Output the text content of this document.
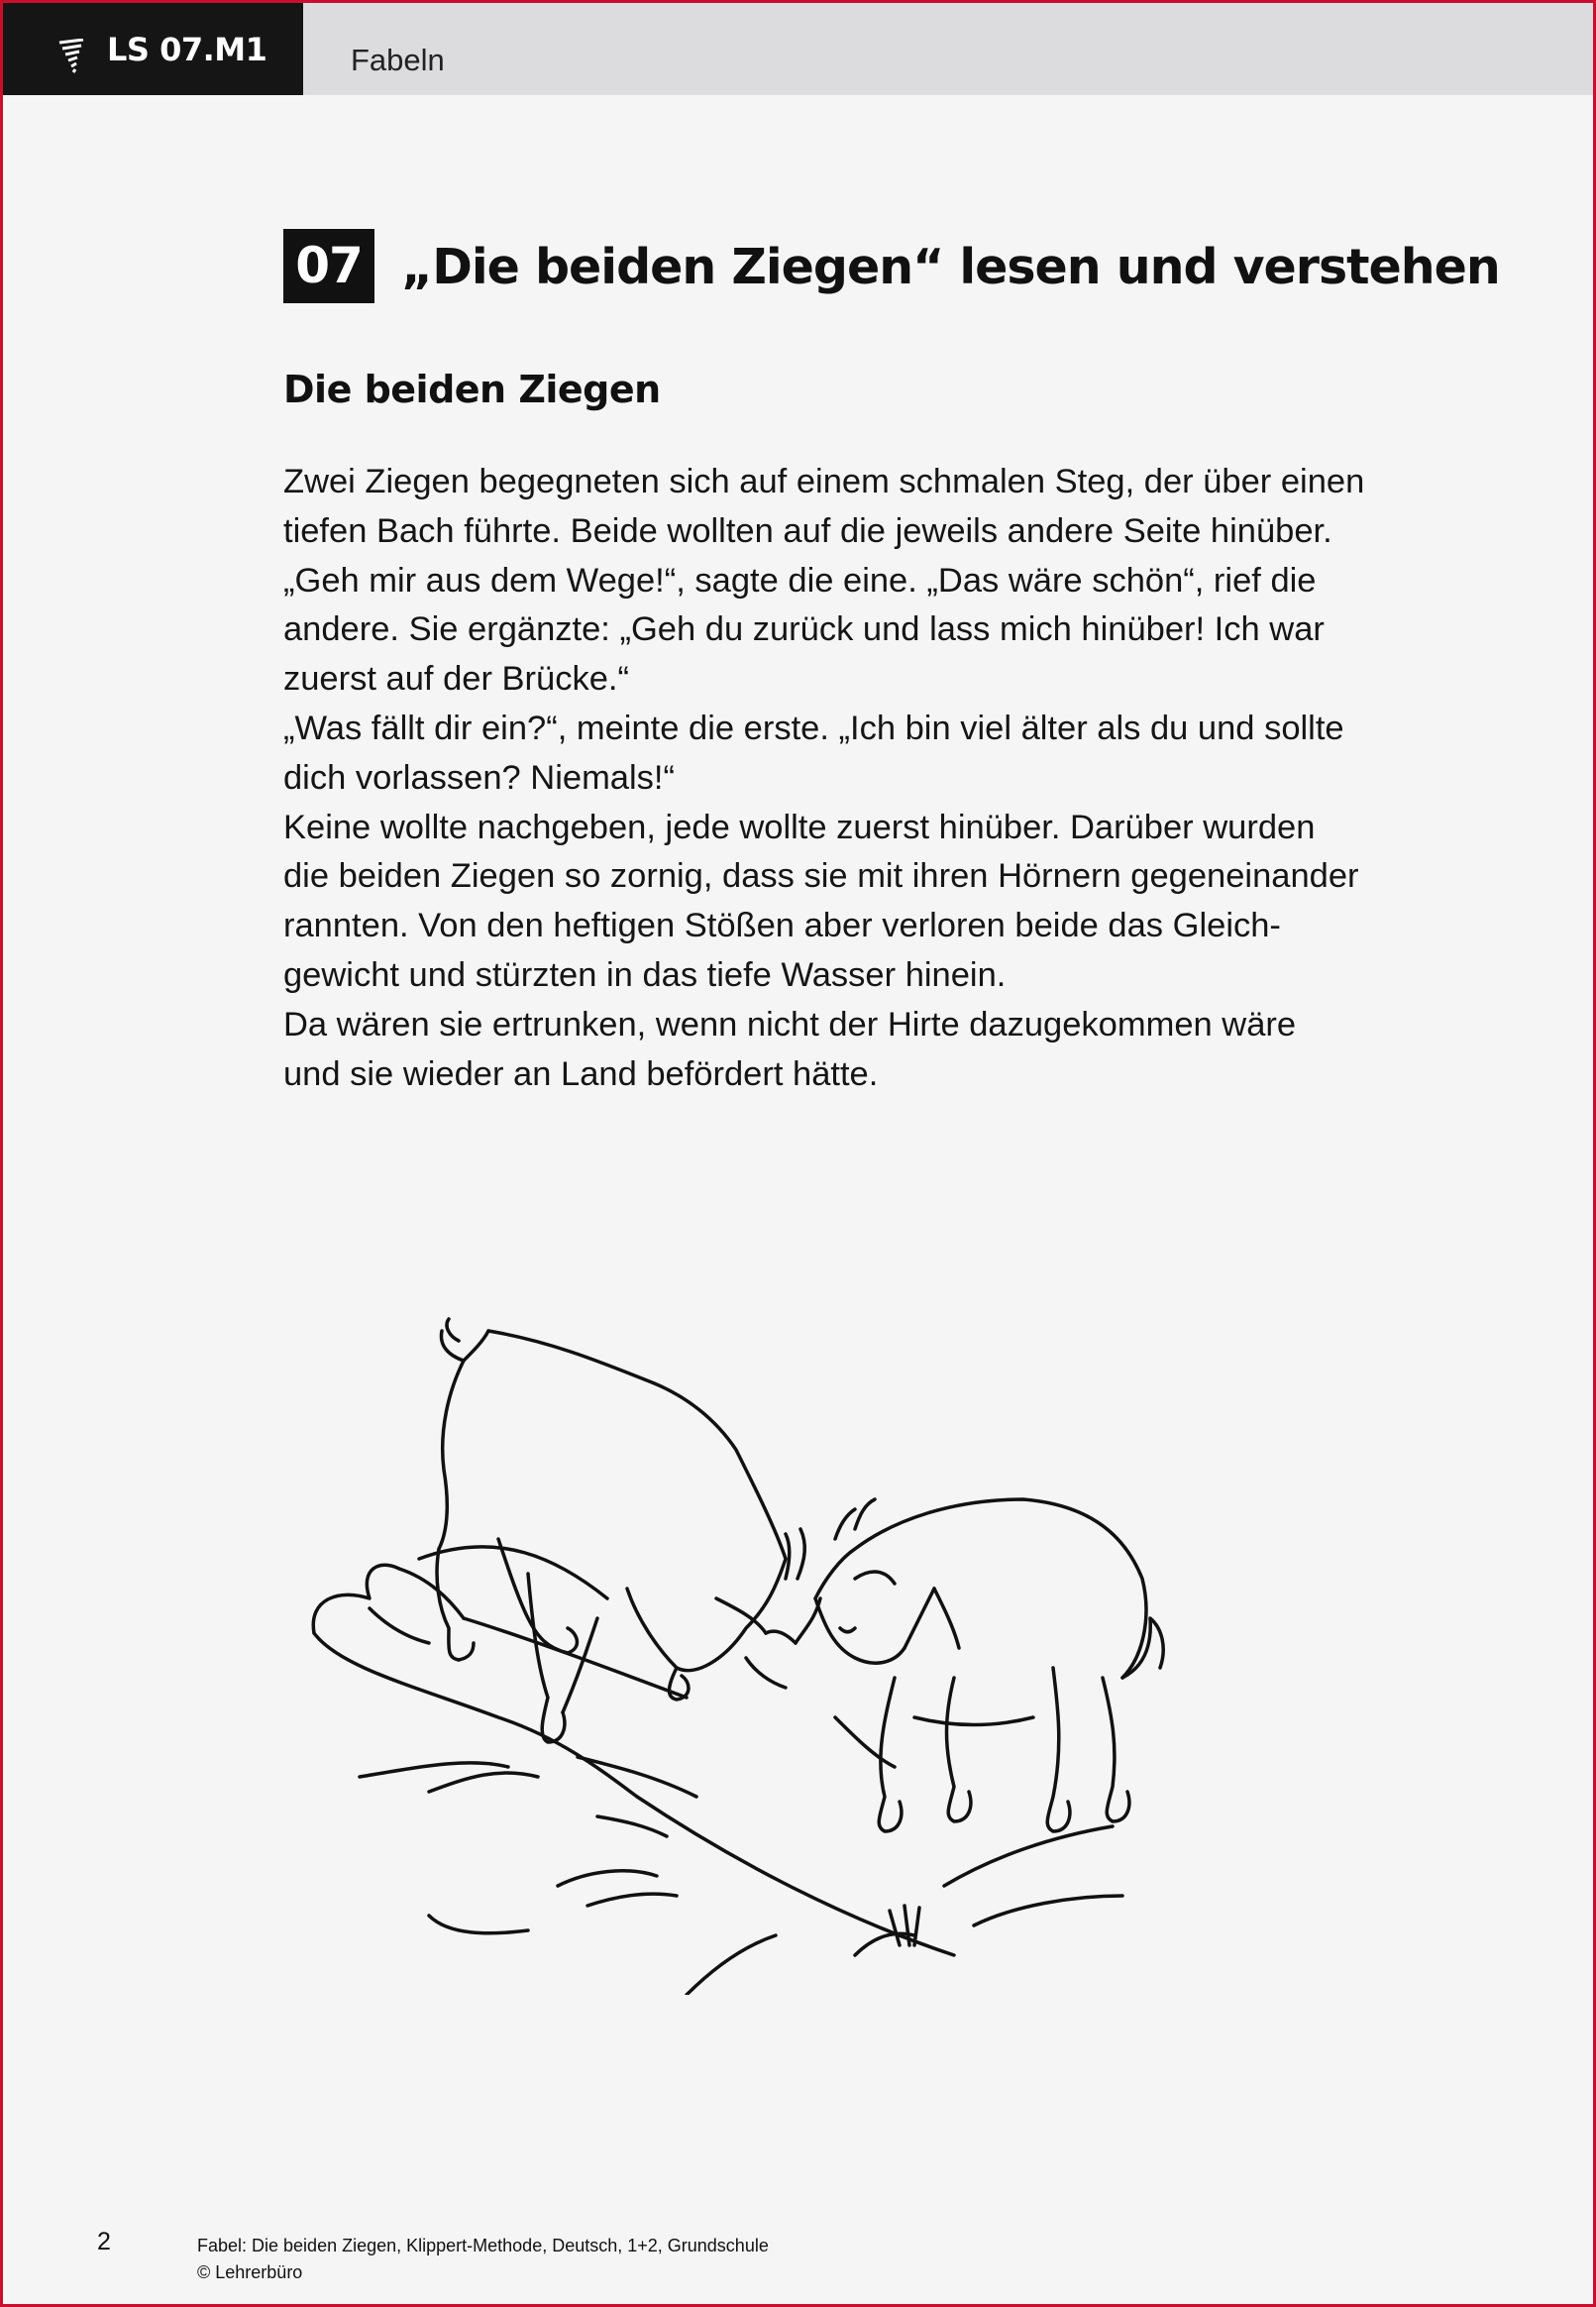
LS 07.M1	Fabeln
07 „Die beiden Ziegen“ lesen und verstehen
Die beiden Ziegen
Zwei Ziegen begegneten sich auf einem schmalen Steg, der über einen
tiefen Bach führte. Beide wollten auf die jeweils andere Seite hinüber.
„Geh mir aus dem Wege!“, sagte die eine. „Das wäre schön“, rief die
andere. Sie ergänzte: „Geh du zurück und lass mich hinüber! Ich war
zuerst auf der Brücke.“
„Was fällt dir ein?“, meinte die erste. „Ich bin viel älter als du und sollte
dich vorlassen? Niemals!“
Keine wollte nachgeben, jede wollte zuerst hinüber. Darüber wurden
die beiden Ziegen so zornig, dass sie mit ihren Hörnern gegeneinander
rannten. Von den heftigen Stößen aber verloren beide das Gleich-
gewicht und stürzten in das tiefe Wasser hinein.
Da wären sie ertrunken, wenn nicht der Hirte dazugekommen wäre
und sie wieder an Land befördert hätte.
2	Fabel: Die beiden Ziegen, Klippert-Methode, Deutsch, 1+2, Grundschule
© Lehrerbüro
